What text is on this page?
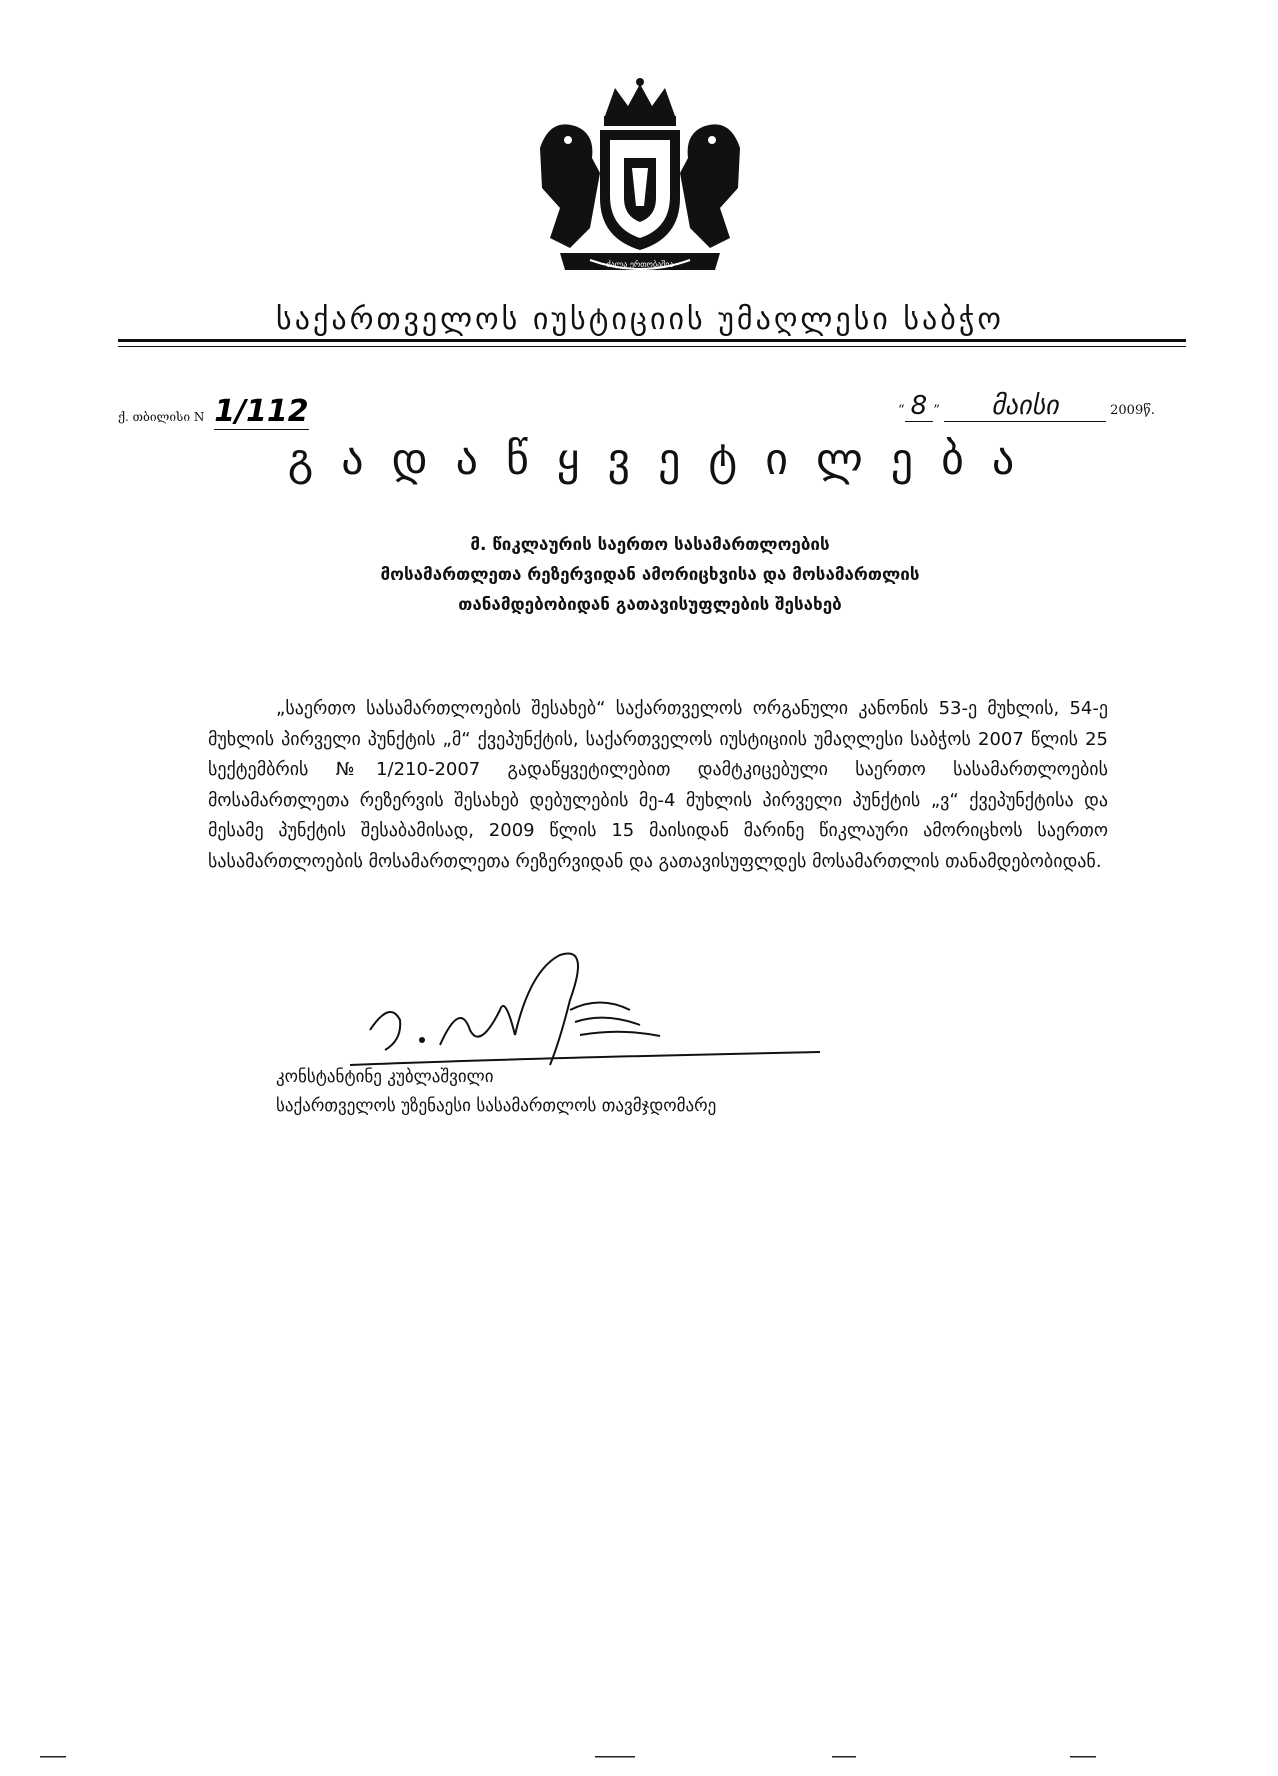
ძალა ერთობაშია
საქართველოს იუსტიციის უმაღლესი საბჭო
ქ. თბილისი N 1/112	“ 8 ” მაისი	2009წ.
გადაწყვეტილება
მ. წიკლაურის საერთო სასამართლოების
მოსამართლეთა რეზერვიდან ამორიცხვისა და მოსამართლის
თანამდებობიდან გათავისუფლების შესახებ
„საერთო სასამართლოების შესახებ“ საქართველოს ორგანული კანონის 53-ე მუხლის, 54-ე მუხლის პირველი პუნქტის „მ“ ქვეპუნქტის, საქართველოს იუსტიციის უმაღლესი საბჭოს 2007 წლის 25 სექტემბრის №1/210-2007 გადაწყვეტილებით დამტკიცებული საერთო სასამართლოების მოსამართლეთა რეზერვის შესახებ დებულების მე-4 მუხლის პირველი პუნქტის „ვ“ ქვეპუნქტისა და მესამე პუნქტის შესაბამისად, 2009 წლის 15 მაისიდან მარინე წიკლაური ამორიცხოს საერთო სასამართლოების მოსამართლეთა რეზერვიდან და გათავისუფლდეს მოსამართლის თანამდებობიდან.
კონსტანტინე კუბლაშვილი
საქართველოს უზენაესი სასამართლოს თავმჯდომარე
